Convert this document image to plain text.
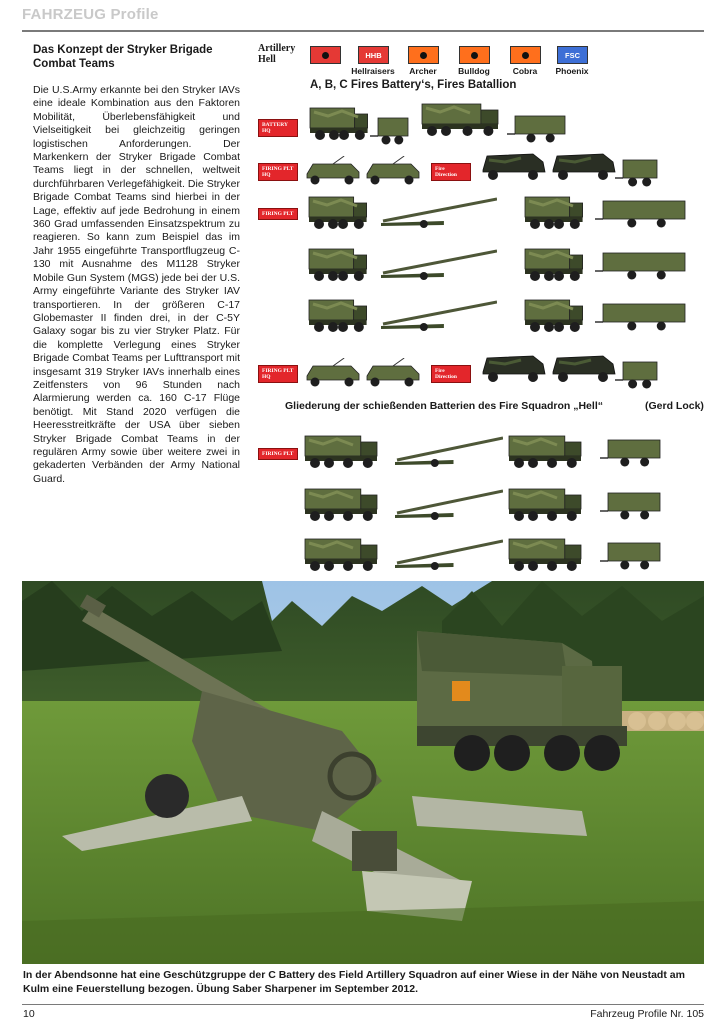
FAHRZEUG Profile
Das Konzept der Stryker Brigade Combat Teams
Die U.S.Army erkannte bei den Stryker IAVs eine ideale Kombination aus den Faktoren Mobilität, Überlebensfähigkeit und Vielseitigkeit bei gleichzeitig geringen logistischen Anforderungen. Der Markenkern der Stryker Brigade Combat Teams liegt in der schnellen, weltweit durchführbaren Verlegefähigkeit. Die Stryker Brigade Combat Teams sind hierbei in der Lage, effektiv auf jede Bedrohung in einem 360 Grad umfassenden Einsatzspektrum zu reagieren. So kann zum Beispiel das im Jahr 1955 eingeführte Transportflugzeug C-130 mit Ausnahme des M1128 Stryker Mobile Gun System (MGS) jede bei der U.S. Army eingeführte Variante des Stryker IAV transportieren. In der größeren C-17 Globemaster II finden drei, in der C-5Y Galaxy sogar bis zu vier Stryker Platz. Für die komplette Verlegung eines Stryker Brigade Combat Teams per Lufttransport mit insgesamt 319 Stryker IAVs innerhalb eines Zeitfensters von 96 Stunden nach Alarmierung werden ca. 160 C-17 Flüge benötigt. Mit Stand 2020 verfügen die Heeresstreitkräfte der USA über sieben Stryker Brigade Combat Teams in der regulären Army sowie über weitere zwei in gekaderten Verbänden der Army National Guard.
Artillery
Hell	HHB
Hellraisers	Archer	Bulldog	Cobra
FSC
Phoenix
A, B, C Fires Battery‘s, Fires Batallion
BATTERY HQ
FIRING PLT HQ
Fire Direction
FIRING PLT
FIRING PLT HQ
Fire Direction
FIRING PLT
Gliederung der schießenden Batterien des Fire Squadron „Hell“	(Gerd Lock)
In der Abendsonne hat eine Geschützgruppe der C Battery des Field Artillery Squadron auf einer Wiese in der Nähe von Neustadt am Kulm eine Feuerstellung bezogen. Übung Saber Sharpener im September 2012.
10	Fahrzeug Profile Nr. 105
